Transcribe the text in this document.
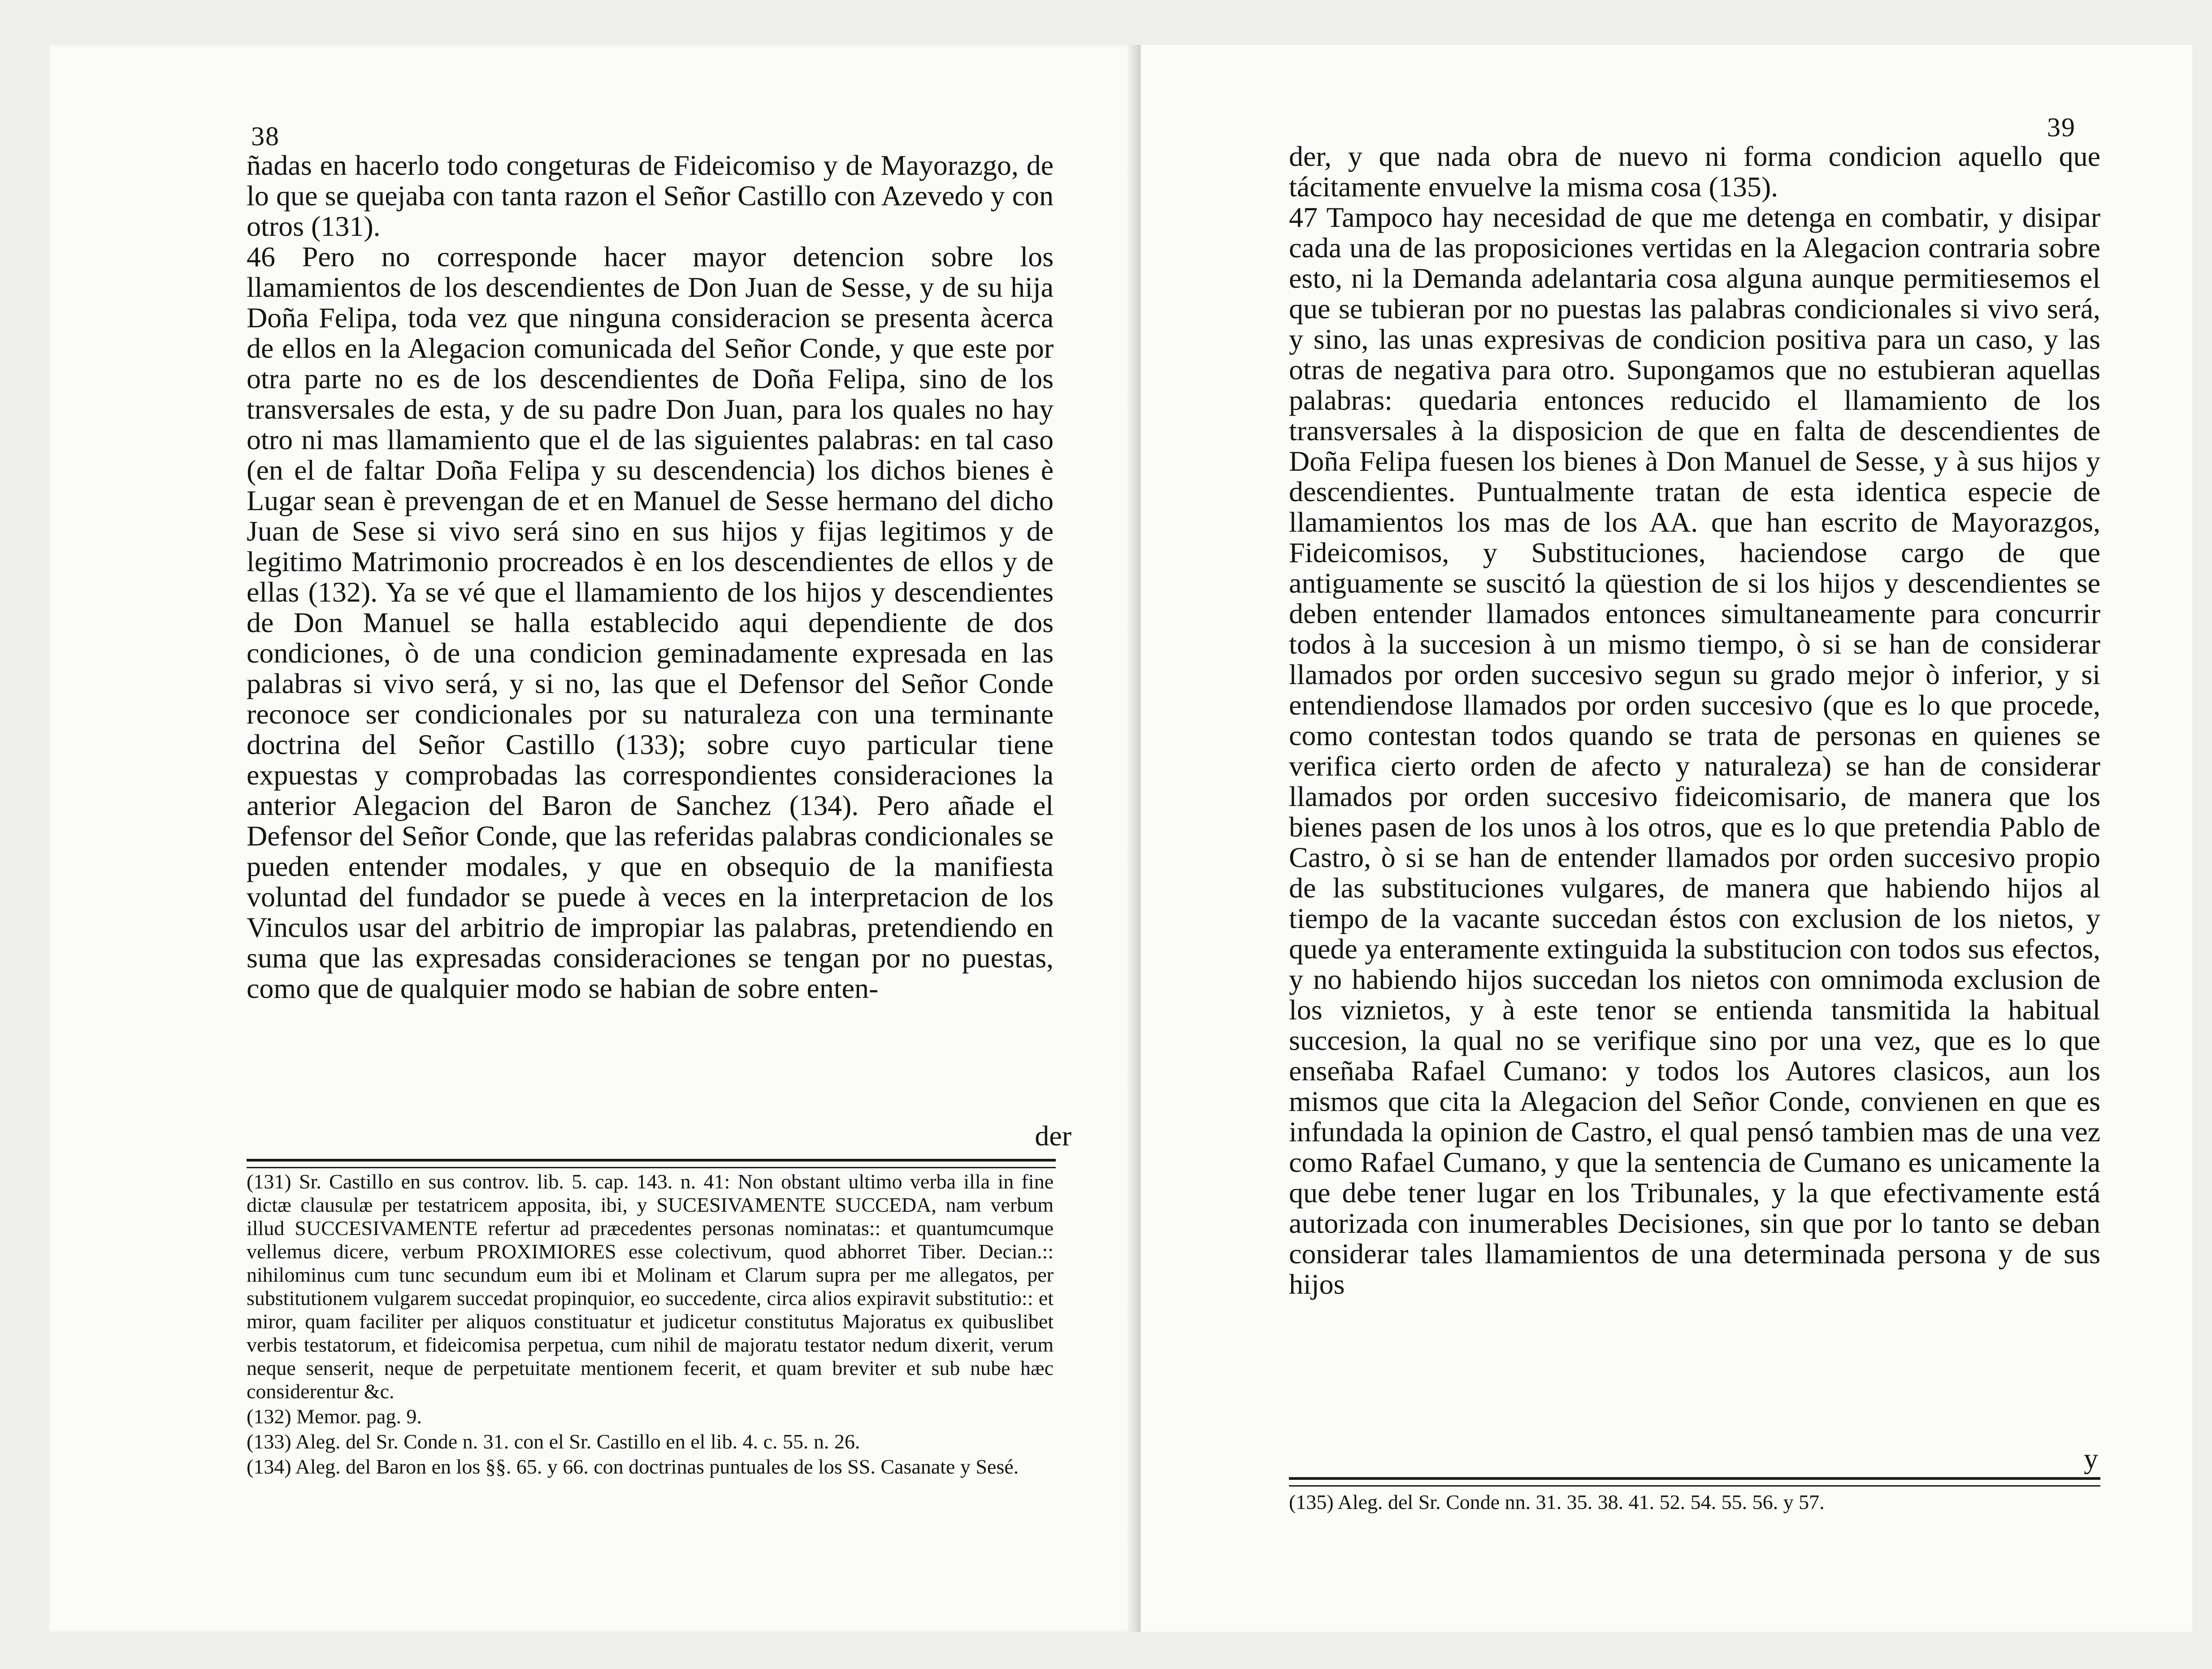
38

ñadas en hacerlo todo congeturas de Fideicomiso y de Mayorazgo, de lo que se quejaba con tanta razon el Señor Castillo con Azevedo y con otros (131).

46 Pero no corresponde hacer mayor detencion sobre los llamamientos de los descendientes de Don Juan de Sesse, y de su hija Doña Felipa, toda vez que ninguna consideracion se presenta àcerca de ellos en la Alegacion comunicada del Señor Conde, y que este por otra parte no es de los descendientes de Doña Felipa, sino de los transversales de esta, y de su padre Don Juan, para los quales no hay otro ni mas llamamiento que el de las siguientes palabras: en tal caso (en el de faltar Doña Felipa y su descendencia) los dichos bienes è Lugar sean è prevengan de et en Manuel de Sesse hermano del dicho Juan de Sese si vivo será sino en sus hijos y fijas legitimos y de legitimo Matrimonio procreados è en los descendientes de ellos y de ellas (132). Ya se vé que el llamamiento de los hijos y descendientes de Don Manuel se halla establecido aqui dependiente de dos condiciones, ò de una condicion geminadamente expresada en las palabras si vivo será, y si no, las que el Defensor del Señor Conde reconoce ser condicionales por su naturaleza con una terminante doctrina del Señor Castillo (133); sobre cuyo particular tiene expuestas y comprobadas las correspondientes consideraciones la anterior Alegacion del Baron de Sanchez (134). Pero añade el Defensor del Señor Conde, que las referidas palabras condicionales se pueden entender modales, y que en obsequio de la manifiesta voluntad del fundador se puede à veces en la interpretacion de los Vinculos usar del arbitrio de impropiar las palabras, pretendiendo en suma que las expresadas consideraciones se tengan por no puestas, como que de qualquier modo se habian de sobre enten-

der

(131) Sr. Castillo en sus controv. lib. 5. cap. 143. n. 41: Non obstant ultimo verba illa in fine dictæ clausulæ per testatricem apposita, ibi, y SUCESIVAMENTE SUCCEDA, nam verbum illud SUCCESIVAMENTE refertur ad præcedentes personas nominatas:: et quantumcumque vellemus dicere, verbum PROXIMIORES esse colectivum, quod abhorret Tiber. Decian.:: nihilominus cum tunc secundum eum ibi et Molinam et Clarum supra per me allegatos, per substitutionem vulgarem succedat propinquior, eo succedente, circa alios expiravit substitutio:: et miror, quam faciliter per aliquos constituatur et judicetur constitutus Majoratus ex quibuslibet verbis testatorum, et fideicomisa perpetua, cum nihil de majoratu testator nedum dixerit, verum neque senserit, neque de perpetuitate mentionem fecerit, et quam breviter et sub nube hæc considerentur &c.

(132) Memor. pag. 9.

(133) Aleg. del Sr. Conde n. 31. con el Sr. Castillo en el lib. 4. c. 55. n. 26.

(134) Aleg. del Baron en los §§. 65. y 66. con doctrinas puntuales de los SS. Casanate y Sesé.

39

der, y que nada obra de nuevo ni forma condicion aquello que tácitamente envuelve la misma cosa (135).

47 Tampoco hay necesidad de que me detenga en combatir, y disipar cada una de las proposiciones vertidas en la Alegacion contraria sobre esto, ni la Demanda adelantaria cosa alguna aunque permitiesemos el que se tubieran por no puestas las palabras condicionales si vivo será, y sino, las unas expresivas de condicion positiva para un caso, y las otras de negativa para otro. Supongamos que no estubieran aquellas palabras: quedaria entonces reducido el llamamiento de los transversales à la disposicion de que en falta de descendientes de Doña Felipa fuesen los bienes à Don Manuel de Sesse, y à sus hijos y descendientes. Puntualmente tratan de esta identica especie de llamamientos los mas de los AA. que han escrito de Mayorazgos, Fideicomisos, y Substituciones, haciendose cargo de que antiguamente se suscitó la qüestion de si los hijos y descendientes se deben entender llamados entonces simultaneamente para concurrir todos à la succesion à un mismo tiempo, ò si se han de considerar llamados por orden succesivo segun su grado mejor ò inferior, y si entendiendose llamados por orden succesivo (que es lo que procede, como contestan todos quando se trata de personas en quienes se verifica cierto orden de afecto y naturaleza) se han de considerar llamados por orden succesivo fideicomisario, de manera que los bienes pasen de los unos à los otros, que es lo que pretendia Pablo de Castro, ò si se han de entender llamados por orden succesivo propio de las substituciones vulgares, de manera que habiendo hijos al tiempo de la vacante succedan éstos con exclusion de los nietos, y quede ya enteramente extinguida la substitucion con todos sus efectos, y no habiendo hijos succedan los nietos con omnimoda exclusion de los viznietos, y à este tenor se entienda tansmitida la habitual succesion, la qual no se verifique sino por una vez, que es lo que enseñaba Rafael Cumano: y todos los Autores clasicos, aun los mismos que cita la Alegacion del Señor Conde, convienen en que es infundada la opinion de Castro, el qual pensó tambien mas de una vez como Rafael Cumano, y que la sentencia de Cumano es unicamente la que debe tener lugar en los Tribunales, y la que efectivamente está autorizada con inumerables Decisiones, sin que por lo tanto se deban considerar tales llamamientos de una determinada persona y de sus hijos

y

(135) Aleg. del Sr. Conde nn. 31. 35. 38. 41. 52. 54. 55. 56. y 57.
